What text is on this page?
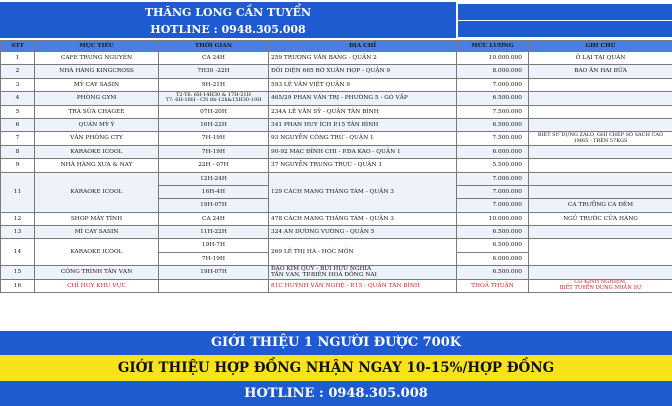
THĂNG LONG CẦN TUYỂN
HOTLINE : 0948.305.008
STT	MỤC TIÊU	THỜI GIAN	ĐỊA CHỈ	MỨC LƯƠNG	GHI CHÚ
1	CAFE TRUNG NGUYÊN	CA 24H	259 TRƯƠNG VĂN BANG - QUẬN 2	10.000.000	Ở LẠI TẠI QUÁN
2	NHÀ HÀNG KINGCROSS	7H30 -22H	ĐỐI DIỆN 665 BỜ XUÂN HỢP - QUẬN 9	8.000.000	BAO ĂN HAI BỮA
3	MỲ CAY SASIN	9H-21H	593 LÊ VĂN VIỆT QUẬN 9	7.000.000	
4	PHÒNG GYM	T2-T6: 6H-14H30 & 17H-21H
T7: 6H-18H - CN 8h-12h&15H30-19H	465/29 PHAN VĂN TRỊ - PHƯỜNG 5 - GÒ VẤP	6.500.000	
5	TRÀ SỮA CHAGEE	07H-20H	234A LÊ VĂN SỸ - QUẬN TÂN BÌNH	7.500.000	
6	QUÁN MỲ Ý	16H-22H	341 PHAN HUY ÍCH P.15 TÂN BÌNH	6.500.000	
7	VĂN PHÒNG CTY	7H-19H	93 NGUYỄN CÔNG TRỨ - QUẬN 1	7.500.000	BIẾT SỬ DỤNG ZALO, GHI CHÉP SỔ SÁCH CAO 1M65 - TRÊN 57KGS
8	KARAOKE ICOOL	7H-19H	90-92 MẠC ĐĨNH CHI - P.ĐA KAO - QUẬN 1	6.000.000	
9	NHÀ HÀNG XƯA & NAY	22H - 07H	37 NGUYỄN TRUNG TRỰC - QUẬN 1	5.500.000	
11	KARAOKE ICOOL	12H-24H	129 CÁCH MẠNG THÁNG TÁM - QUẬN 3	7.000.000	
		16H-4H		7.000.000	
		19H-07H		7.000.000	CA TRƯỞNG CA ĐÊM
12	SHOP MÁY TÍNH	CA 24H	478 CÁCH MẠNG THÁNG TÁM - QUẬN 3	10.000.000	NGỦ TRƯỚC CỬA HÀNG
13	MÌ CAY SASIN	11H-22H	324 AN DƯƠNG VƯƠNG - QUẬN 5	6.500.000	
14	KARAOKE ICOOL	19H-7H	269 LÊ THỊ HÀ - HÓC MÔN	6.500.000	
		7H-19H		6.000.000	
15	CÔNG TRÌNH TÂN VẠN	19H-07H	ĐẠO KIM QUY - BÙI HỮU NGHĨA
TÂN VẠN, TP.BIÊN HOÀ ĐỒNG NAI	6.500.000	
16	CHỈ HUY KHU VỰC		81C HUỲNH VĂN NGHỆ - P.15 - QUẬN TÂN BÌNH	THOẢ THUẬN	CÓ KINH NGHIỆM,
BIẾT TUYỂN DỤNG NHÂN SỰ
GIỚI THIỆU 1 NGƯỜI ĐƯỢC 700K
GIỚI THIỆU HỢP ĐỒNG NHẬN NGAY 10-15%/HỢP ĐỒNG
HOTLINE : 0948.305.008
